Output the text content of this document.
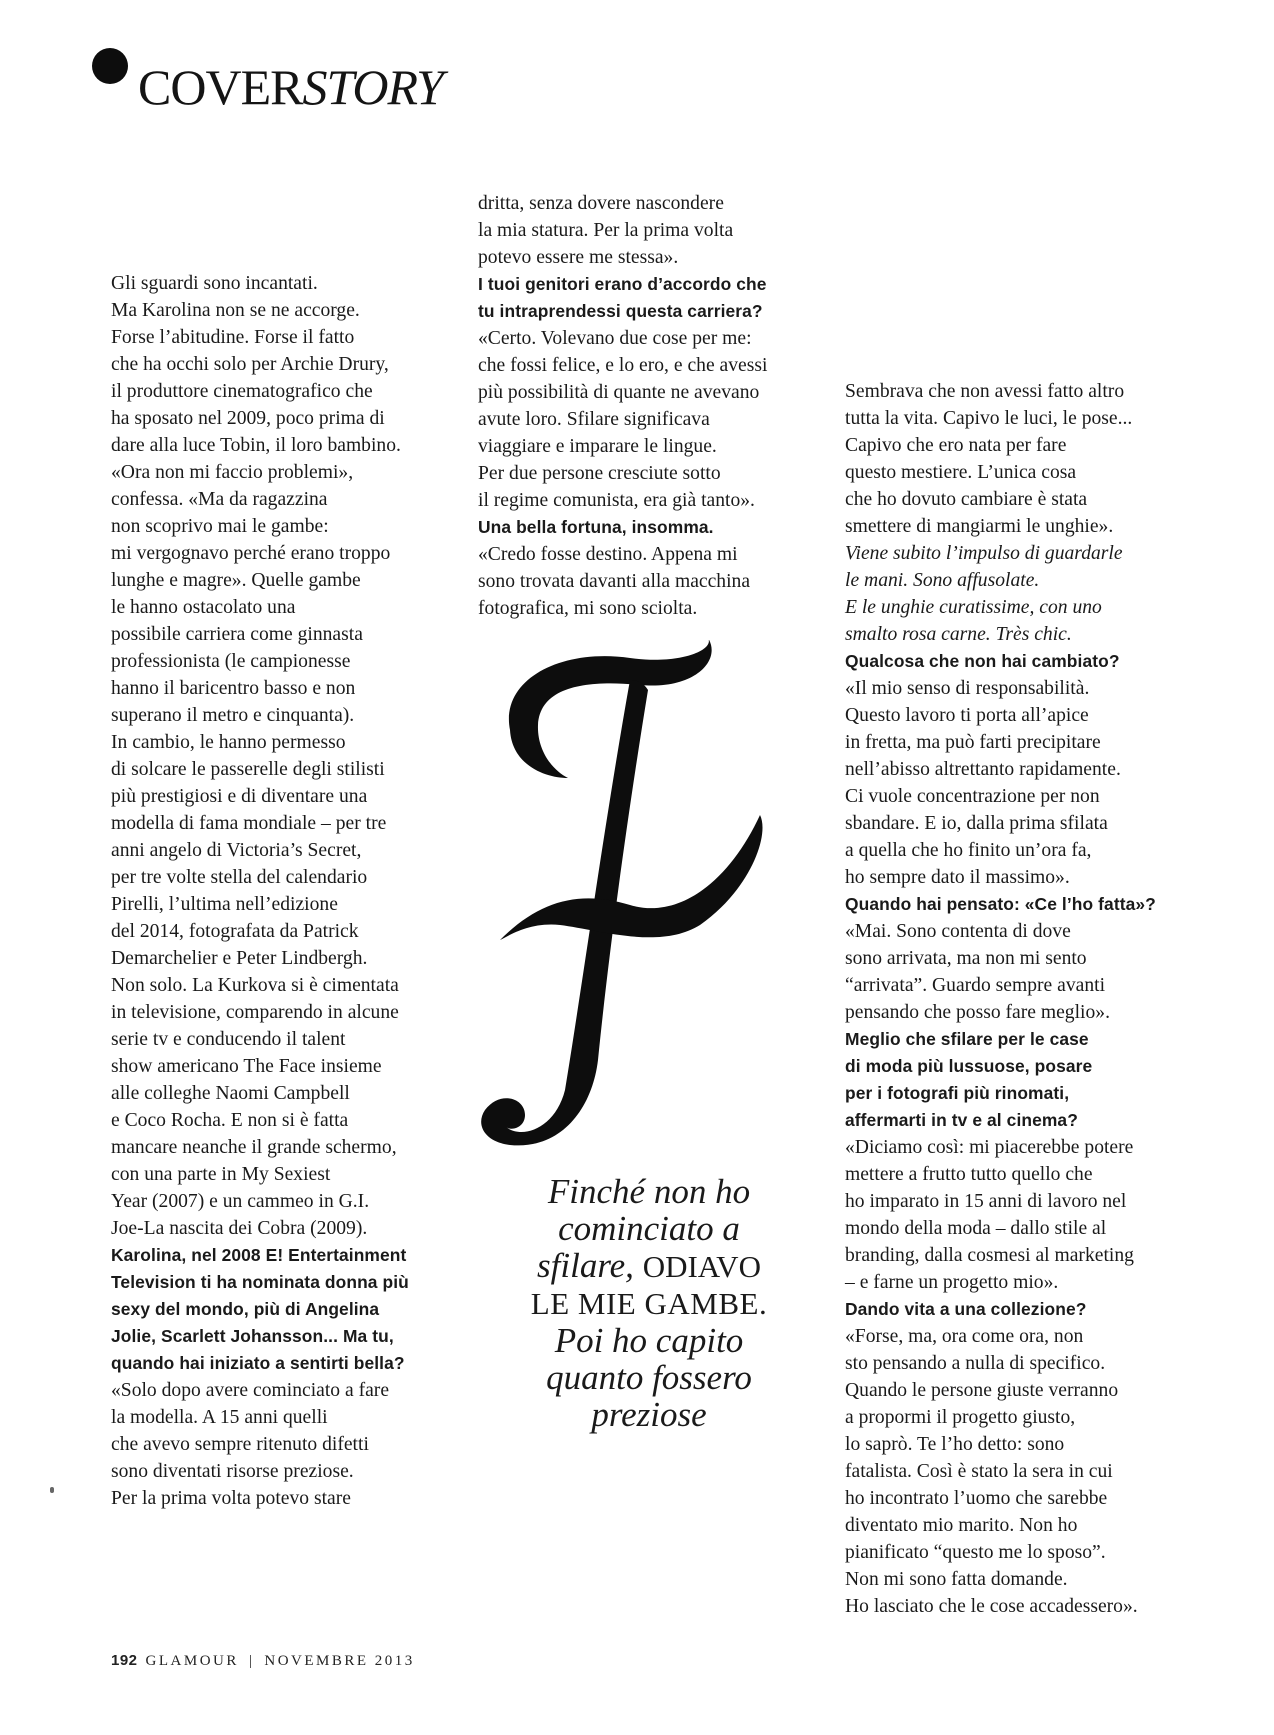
COVERSTORY

Gli sguardi sono incantati.

Ma Karolina non se ne accorge.

Forse l’abitudine. Forse il fatto

che ha occhi solo per Archie Drury,

il produttore cinematografico che

ha sposato nel 2009, poco prima di

dare alla luce Tobin, il loro bambino.

«Ora non mi faccio problemi»,

confessa. «Ma da ragazzina

non scoprivo mai le gambe:

mi vergognavo perché erano troppo

lunghe e magre». Quelle gambe

le hanno ostacolato una

possibile carriera come ginnasta

professionista (le campionesse

hanno il baricentro basso e non

superano il metro e cinquanta).

In cambio, le hanno permesso

di solcare le passerelle degli stilisti

più prestigiosi e di diventare una

modella di fama mondiale – per tre

anni angelo di Victoria’s Secret,

per tre volte stella del calendario

Pirelli, l’ultima nell’edizione

del 2014, fotografata da Patrick

Demarchelier e Peter Lindbergh.

Non solo. La Kurkova si è cimentata

in televisione, comparendo in alcune

serie tv e conducendo il talent

show americano The Face insieme

alle colleghe Naomi Campbell

e Coco Rocha. E non si è fatta

mancare neanche il grande schermo,

con una parte in My Sexiest

Year (2007) e un cammeo in G.I.

Joe-La nascita dei Cobra (2009).

Karolina, nel 2008 E! Entertainment

Television ti ha nominata donna più

sexy del mondo, più di Angelina

Jolie, Scarlett Johansson... Ma tu,

quando hai iniziato a sentirti bella?

«Solo dopo avere cominciato a fare

la modella. A 15 anni quelli

che avevo sempre ritenuto difetti

sono diventati risorse preziose.

Per la prima volta potevo stare

dritta, senza dovere nascondere

la mia statura. Per la prima volta

potevo essere me stessa».

I tuoi genitori erano d’accordo che

tu intraprendessi questa carriera?

«Certo. Volevano due cose per me:

che fossi felice, e lo ero, e che avessi

più possibilità di quante ne avevano

avute loro. Sfilare significava

viaggiare e imparare le lingue.

Per due persone cresciute sotto

il regime comunista, era già tanto».

Una bella fortuna, insomma.

«Credo fosse destino. Appena mi

sono trovata davanti alla macchina

fotografica, mi sono sciolta.

Sembrava che non avessi fatto altro

tutta la vita. Capivo le luci, le pose...

Capivo che ero nata per fare

questo mestiere. L’unica cosa

che ho dovuto cambiare è stata

smettere di mangiarmi le unghie».

Viene subito l’impulso di guardarle

le mani. Sono affusolate.

E le unghie curatissime, con uno

smalto rosa carne. Très chic.

Qualcosa che non hai cambiato?

«Il mio senso di responsabilità.

Questo lavoro ti porta all’apice

in fretta, ma può farti precipitare

nell’abisso altrettanto rapidamente.

Ci vuole concentrazione per non

sbandare. E io, dalla prima sfilata

a quella che ho finito un’ora fa,

ho sempre dato il massimo».

Quando hai pensato: «Ce l’ho fatta»?

«Mai. Sono contenta di dove

sono arrivata, ma non mi sento

“arrivata”. Guardo sempre avanti

pensando che posso fare meglio».

Meglio che sfilare per le case

di moda più lussuose, posare

per i fotografi più rinomati,

affermarti in tv e al cinema?

«Diciamo così: mi piacerebbe potere

mettere a frutto tutto quello che

ho imparato in 15 anni di lavoro nel

mondo della moda – dallo stile al

branding, dalla cosmesi al marketing

– e farne un progetto mio».

Dando vita a una collezione?

«Forse, ma, ora come ora, non

sto pensando a nulla di specifico.

Quando le persone giuste verranno

a propormi il progetto giusto,

lo saprò. Te l’ho detto: sono

fatalista. Così è stato la sera in cui

ho incontrato l’uomo che sarebbe

diventato mio marito. Non ho

pianificato “questo me lo sposo”.

Non mi sono fatta domande.

Ho lasciato che le cose accadessero».

Finché non ho
cominciato a
sfilare, ODIAVO
LE MIE GAMBE.
Poi ho capito
quanto fossero
preziose
192 GLAMOUR | NOVEMBRE 2013
